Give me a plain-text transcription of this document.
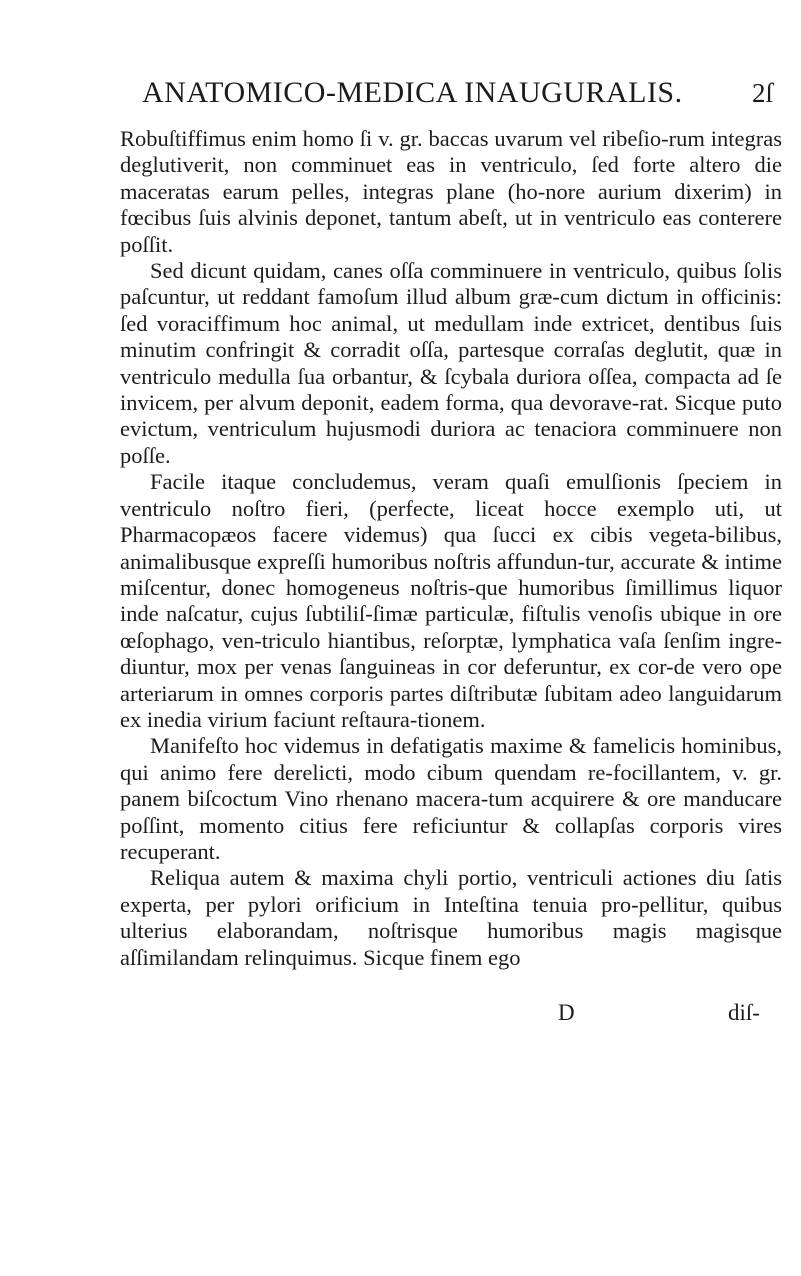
ANATOMICO-MEDICA INAUGURALIS.	2ſ

Robuſtiffimus enim homo ſi v. gr. baccas uvarum vel ribeſio-rum integras deglutiverit, non comminuet eas in ventriculo, ſed forte altero die maceratas earum pelles, integras plane (ho-nore aurium dixerim) in fœcibus ſuis alvinis deponet, tantum abeſt, ut in ventriculo eas conterere poſſit.

Sed dicunt quidam, canes oſſa comminuere in ventriculo, quibus ſolis paſcuntur, ut reddant famoſum illud album græ-cum dictum in officinis: ſed voraciffimum hoc animal, ut medullam inde extricet, dentibus ſuis minutim confringit & corradit oſſa, partesque corraſas deglutit, quæ in ventriculo medulla ſua orbantur, & ſcybala duriora oſſea, compacta ad ſe invicem, per alvum deponit, eadem forma, qua devorave-rat. Sicque puto evictum, ventriculum hujusmodi duriora ac tenaciora comminuere non poſſe.

Facile itaque concludemus, veram quaſi emulſionis ſpeciem in ventriculo noſtro fieri, (perfecte, liceat hocce exemplo uti, ut Pharmacopæos facere videmus) qua ſucci ex cibis vegeta-bilibus, animalibusque expreſſi humoribus noſtris affundun-tur, accurate & intime miſcentur, donec homogeneus noſtris-que humoribus ſimillimus liquor inde naſcatur, cujus ſubtiliſ-ſimæ particulæ, fiſtulis venoſis ubique in ore œſophago, ven-triculo hiantibus, reſorptæ, lymphatica vaſa ſenſim ingre-diuntur, mox per venas ſanguineas in cor deferuntur, ex cor-de vero ope arteriarum in omnes corporis partes diſtributæ ſubitam adeo languidarum ex inedia virium faciunt reſtaura-tionem.

Manifeſto hoc videmus in defatigatis maxime & famelicis hominibus, qui animo fere derelicti, modo cibum quendam re-focillantem, v. gr. panem biſcoctum Vino rhenano macera-tum acquirere & ore manducare poſſint, momento citius fere reficiuntur & collapſas corporis vires recuperant.

Reliqua autem & maxima chyli portio, ventriculi actiones diu ſatis experta, per pylori orificium in Inteſtina tenuia pro-pellitur, quibus ulterius elaborandam, noſtrisque humoribus magis magisque aſſimilandam relinquimus. Sicque finem ego

D	diſ-
